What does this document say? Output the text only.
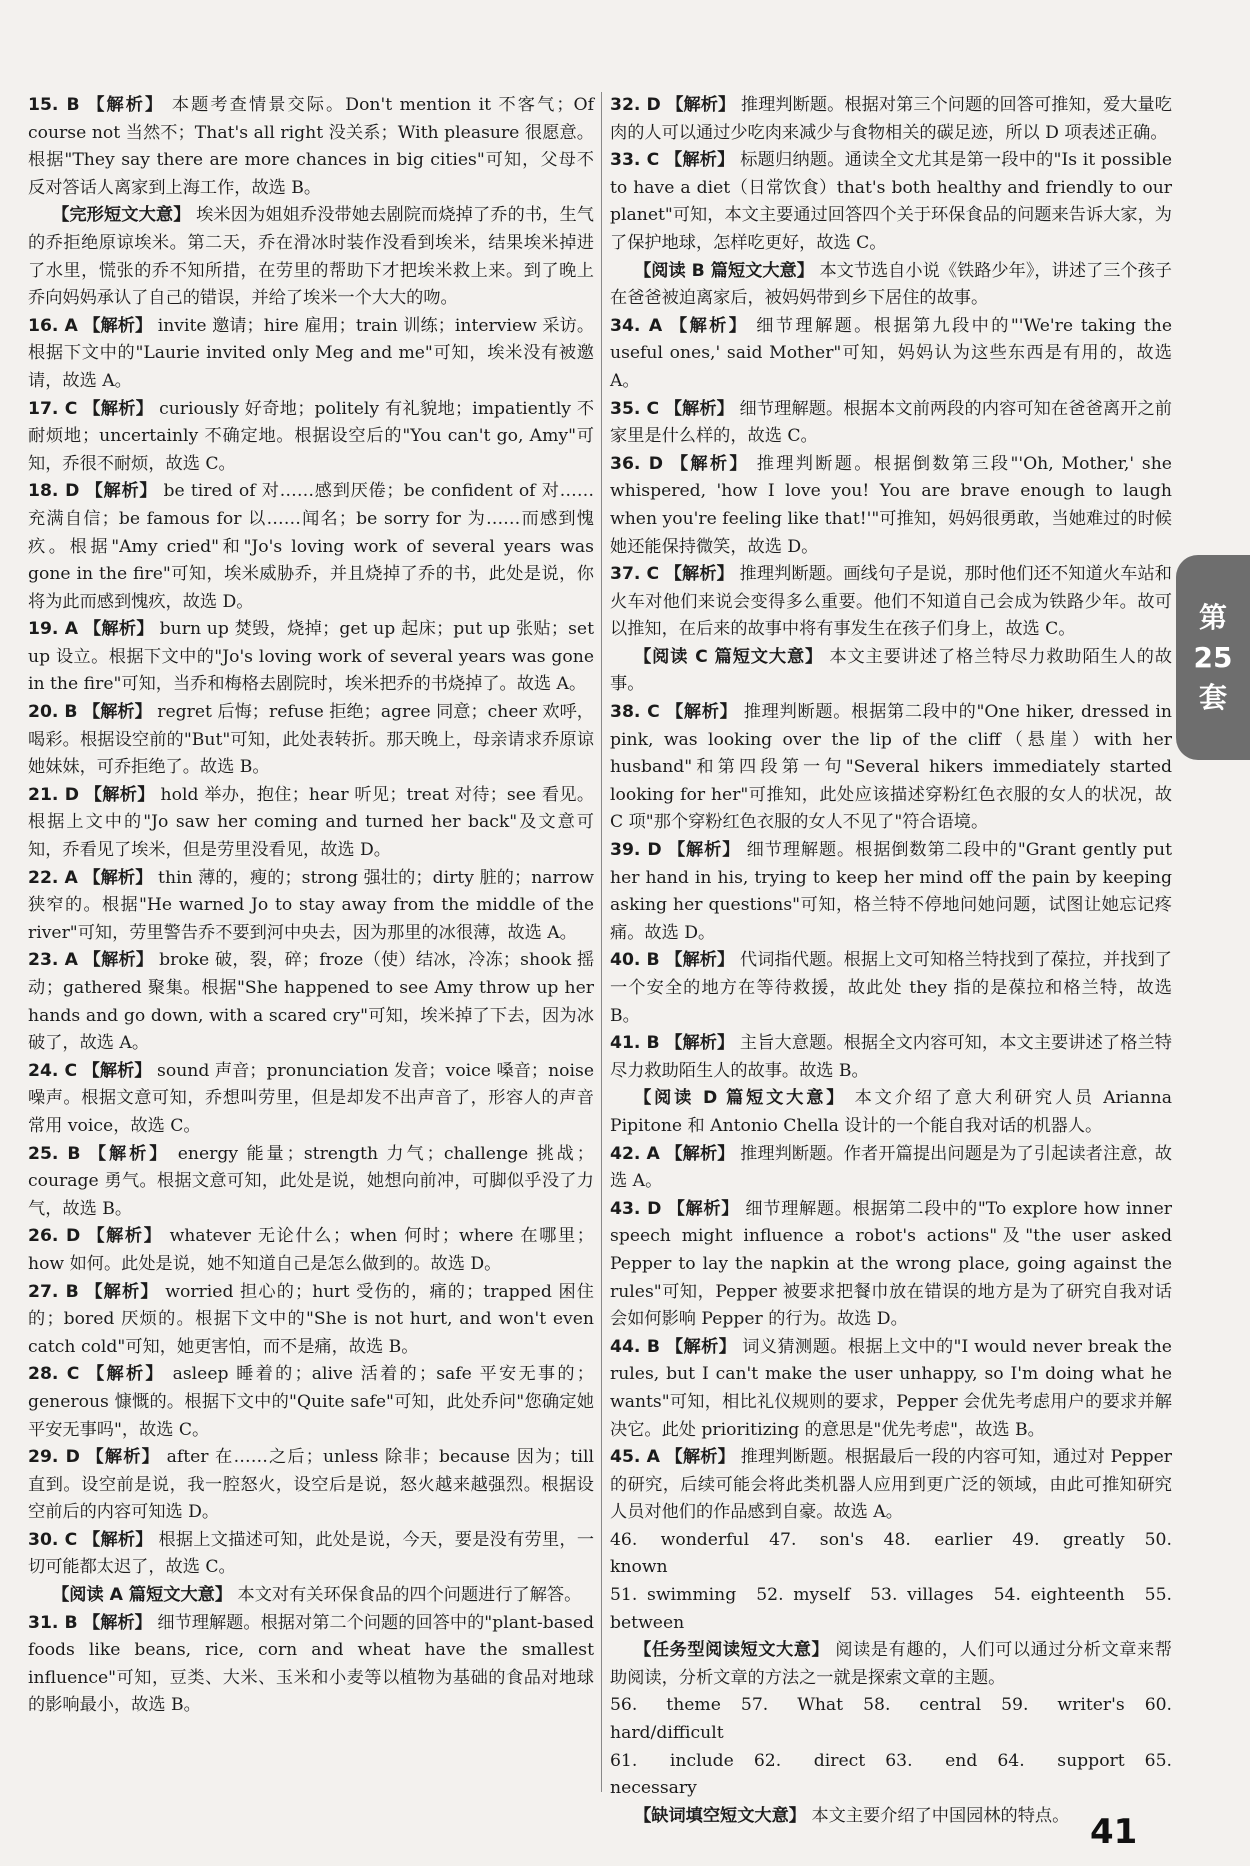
15. B 【解析】 本题考查情景交际。Don't mention it 不客气；Of course not 当然不；That's all right 没关系；With pleasure 很愿意。根据"They say there are more chances in big cities"可知，父母不反对答话人离家到上海工作，故选 B。

【完形短文大意】 埃米因为姐姐乔没带她去剧院而烧掉了乔的书，生气的乔拒绝原谅埃米。第二天，乔在滑冰时装作没看到埃米，结果埃米掉进了水里，慌张的乔不知所措，在劳里的帮助下才把埃米救上来。到了晚上乔向妈妈承认了自己的错误，并给了埃米一个大大的吻。

16. A 【解析】 invite 邀请；hire 雇用；train 训练；interview 采访。根据下文中的"Laurie invited only Meg and me"可知，埃米没有被邀请，故选 A。

17. C 【解析】 curiously 好奇地；politely 有礼貌地；impatiently 不耐烦地；uncertainly 不确定地。根据设空后的"You can't go, Amy"可知，乔很不耐烦，故选 C。

18. D 【解析】 be tired of 对……感到厌倦；be confident of 对……充满自信；be famous for 以……闻名；be sorry for 为……而感到愧疚。根据"Amy cried"和"Jo's loving work of several years was gone in the fire"可知，埃米威胁乔，并且烧掉了乔的书，此处是说，你将为此而感到愧疚，故选 D。

19. A 【解析】 burn up 焚毁，烧掉；get up 起床；put up 张贴；set up 设立。根据下文中的"Jo's loving work of several years was gone in the fire"可知，当乔和梅格去剧院时，埃米把乔的书烧掉了。故选 A。

20. B 【解析】 regret 后悔；refuse 拒绝；agree 同意；cheer 欢呼，喝彩。根据设空前的"But"可知，此处表转折。那天晚上，母亲请求乔原谅她妹妹，可乔拒绝了。故选 B。

21. D 【解析】 hold 举办，抱住；hear 听见；treat 对待；see 看见。根据上文中的"Jo saw her coming and turned her back"及文意可知，乔看见了埃米，但是劳里没看见，故选 D。

22. A 【解析】 thin 薄的，瘦的；strong 强壮的；dirty 脏的；narrow 狭窄的。根据"He warned Jo to stay away from the middle of the river"可知，劳里警告乔不要到河中央去，因为那里的冰很薄，故选 A。

23. A 【解析】 broke 破，裂，碎；froze（使）结冰，冷冻；shook 摇动；gathered 聚集。根据"She happened to see Amy throw up her hands and go down, with a scared cry"可知，埃米掉了下去，因为冰破了，故选 A。

24. C 【解析】 sound 声音；pronunciation 发音；voice 嗓音；noise 噪声。根据文意可知，乔想叫劳里，但是却发不出声音了，形容人的声音常用 voice，故选 C。

25. B 【解析】 energy 能量；strength 力气；challenge 挑战；courage 勇气。根据文意可知，此处是说，她想向前冲，可脚似乎没了力气，故选 B。

26. D 【解析】 whatever 无论什么；when 何时；where 在哪里；how 如何。此处是说，她不知道自己是怎么做到的。故选 D。

27. B 【解析】 worried 担心的；hurt 受伤的，痛的；trapped 困住的；bored 厌烦的。根据下文中的"She is not hurt, and won't even catch cold"可知，她更害怕，而不是痛，故选 B。

28. C 【解析】 asleep 睡着的；alive 活着的；safe 平安无事的；generous 慷慨的。根据下文中的"Quite safe"可知，此处乔问"您确定她平安无事吗"，故选 C。

29. D 【解析】 after 在……之后；unless 除非；because 因为；till 直到。设空前是说，我一腔怒火，设空后是说，怒火越来越强烈。根据设空前后的内容可知选 D。

30. C 【解析】 根据上文描述可知，此处是说，今天，要是没有劳里，一切可能都太迟了，故选 C。

【阅读 A 篇短文大意】 本文对有关环保食品的四个问题进行了解答。

31. B 【解析】 细节理解题。根据对第二个问题的回答中的"plant-based foods like beans, rice, corn and wheat have the smallest influence"可知，豆类、大米、玉米和小麦等以植物为基础的食品对地球的影响最小，故选 B。

32. D 【解析】 推理判断题。根据对第三个问题的回答可推知，爱大量吃肉的人可以通过少吃肉来减少与食物相关的碳足迹，所以 D 项表述正确。

33. C 【解析】 标题归纳题。通读全文尤其是第一段中的"Is it possible to have a diet（日常饮食）that's both healthy and friendly to our planet"可知，本文主要通过回答四个关于环保食品的问题来告诉大家，为了保护地球，怎样吃更好，故选 C。

【阅读 B 篇短文大意】 本文节选自小说《铁路少年》，讲述了三个孩子在爸爸被迫离家后，被妈妈带到乡下居住的故事。

34. A 【解析】 细节理解题。根据第九段中的"'We're taking the useful ones,' said Mother"可知，妈妈认为这些东西是有用的，故选 A。

35. C 【解析】 细节理解题。根据本文前两段的内容可知在爸爸离开之前家里是什么样的，故选 C。

36. D 【解析】 推理判断题。根据倒数第三段"'Oh, Mother,' she whispered, 'how I love you! You are brave enough to laugh when you're feeling like that!'"可推知，妈妈很勇敢，当她难过的时候她还能保持微笑，故选 D。

37. C 【解析】 推理判断题。画线句子是说，那时他们还不知道火车站和火车对他们来说会变得多么重要。他们不知道自己会成为铁路少年。故可以推知，在后来的故事中将有事发生在孩子们身上，故选 C。

【阅读 C 篇短文大意】 本文主要讲述了格兰特尽力救助陌生人的故事。

38. C 【解析】 推理判断题。根据第二段中的"One hiker, dressed in pink, was looking over the lip of the cliff（悬崖）with her husband"和第四段第一句"Several hikers immediately started looking for her"可推知，此处应该描述穿粉红色衣服的女人的状况，故 C 项"那个穿粉红色衣服的女人不见了"符合语境。

39. D 【解析】 细节理解题。根据倒数第二段中的"Grant gently put her hand in his, trying to keep her mind off the pain by keeping asking her questions"可知，格兰特不停地问她问题，试图让她忘记疼痛。故选 D。

40. B 【解析】 代词指代题。根据上文可知格兰特找到了葆拉，并找到了一个安全的地方在等待救援，故此处 they 指的是葆拉和格兰特，故选 B。

41. B 【解析】 主旨大意题。根据全文内容可知，本文主要讲述了格兰特尽力救助陌生人的故事。故选 B。

【阅读 D 篇短文大意】 本文介绍了意大利研究人员 Arianna Pipitone 和 Antonio Chella 设计的一个能自我对话的机器人。

42. A 【解析】 推理判断题。作者开篇提出问题是为了引起读者注意，故选 A。

43. D 【解析】 细节理解题。根据第二段中的"To explore how inner speech might influence a robot's actions"及"the user asked Pepper to lay the napkin at the wrong place, going against the rules"可知，Pepper 被要求把餐巾放在错误的地方是为了研究自我对话会如何影响 Pepper 的行为。故选 D。

44. B 【解析】 词义猜测题。根据上文中的"I would never break the rules, but I can't make the user unhappy, so I'm doing what he wants"可知，相比礼仪规则的要求，Pepper 会优先考虑用户的要求并解决它。此处 prioritizing 的意思是"优先考虑"，故选 B。

45. A 【解析】 推理判断题。根据最后一段的内容可知，通过对 Pepper 的研究，后续可能会将此类机器人应用到更广泛的领域，由此可推知研究人员对他们的作品感到自豪。故选 A。

46. wonderful 47. son's 48. earlier 49. greatly 50. known

51. swimming 52. myself 53. villages 54. eighteenth 55. between

【任务型阅读短文大意】 阅读是有趣的，人们可以通过分析文章来帮助阅读，分析文章的方法之一就是探索文章的主题。

56. theme 57. What 58. central 59. writer's 60. hard/difficult

61. include 62. direct 63. end 64. support 65. necessary

【缺词填空短文大意】 本文主要介绍了中国园林的特点。

第
25
套
41
